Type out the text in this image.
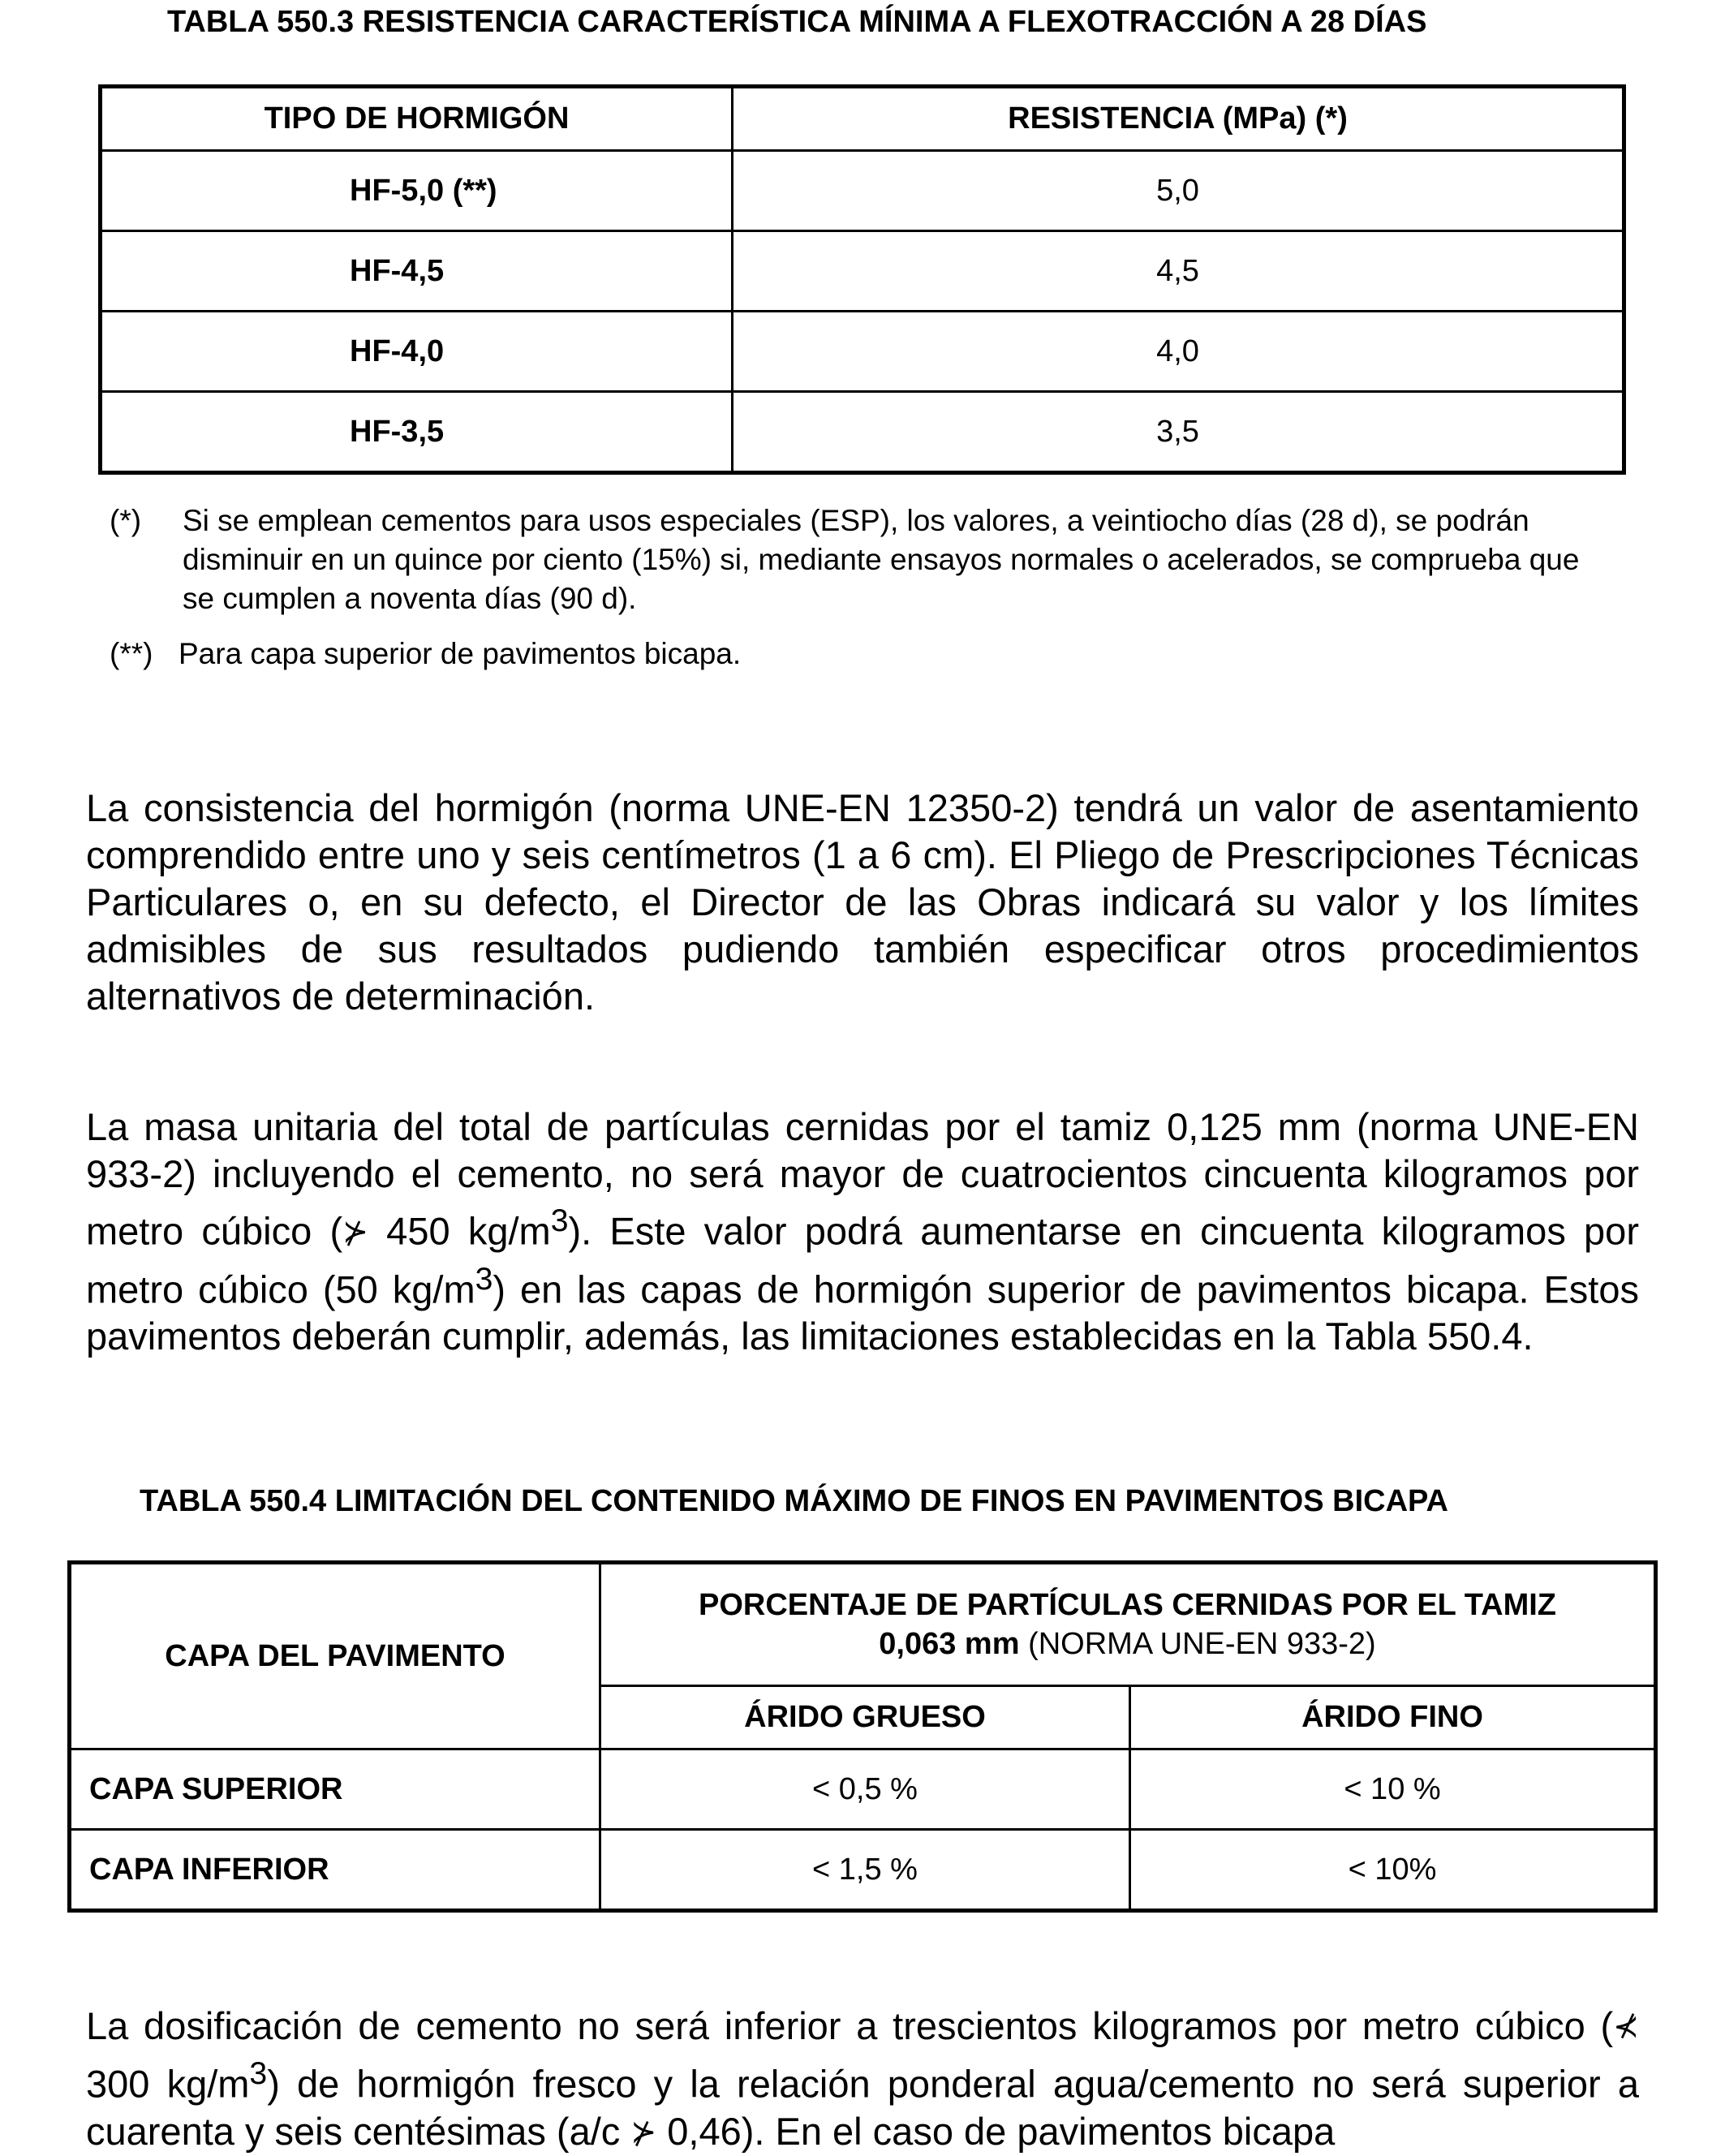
TABLA 550.3 RESISTENCIA CARACTERÍSTICA MÍNIMA A FLEXOTRACCIÓN A 28 DÍAS
TIPO DE HORMIGÓN	RESISTENCIA (MPa) (*)
HF-5,0 (**)	5,0
HF-4,5	4,5
HF-4,0	4,0
HF-3,5	3,5
(*)	Si se emplean cementos para usos especiales (ESP), los valores, a veintiocho días (28 d), se podrán disminuir en un quince por ciento (15%) si, mediante ensayos normales o acelerados, se comprueba que se cumplen a noventa días (90 d).
(**) Para capa superior de pavimentos bicapa.

La consistencia del hormigón (norma UNE-EN 12350-2) tendrá un valor de asentamiento comprendido entre uno y seis centímetros (1 a 6 cm). El Pliego de Prescripciones Técnicas Particulares o, en su defecto, el Director de las Obras indicará su valor y los límites admisibles de sus resultados pudiendo también especificar otros procedimientos alternativos de determinación.

La masa unitaria del total de partículas cernidas por el tamiz 0,125 mm (norma UNE-EN 933-2) incluyendo el cemento, no será mayor de cuatrocientos cincuenta kilogramos por metro cúbico (⊁ 450 $kg/m^3$). Este valor podrá aumentarse en cincuenta kilogramos por metro cúbico (50 $kg/m^3$) en las capas de hormigón superior de pavimentos bicapa. Estos pavimentos deberán cumplir, además, las limitaciones establecidas en la Tabla 550.4.

TABLA 550.4 LIMITACIÓN DEL CONTENIDO MÁXIMO DE FINOS EN PAVIMENTOS BICAPA
CAPA DEL PAVIMENTO	PORCENTAJE DE PARTÍCULAS CERNIDAS POR EL TAMIZ
0,063 mm (NORMA UNE-EN 933-2)	
	ÁRIDO GRUESO	ÁRIDO FINO
CAPA SUPERIOR	< 0,5 %	< 10 %
CAPA INFERIOR	< 1,5 %	< 10%

La dosificación de cemento no será inferior a trescientos kilogramos por metro cúbico (⊀ 300 $kg/m^3$) de hormigón fresco y la relación ponderal agua/cemento no será superior a cuarenta y seis centésimas (a/c ⊁ 0,46). En el caso de pavimentos bicapa
